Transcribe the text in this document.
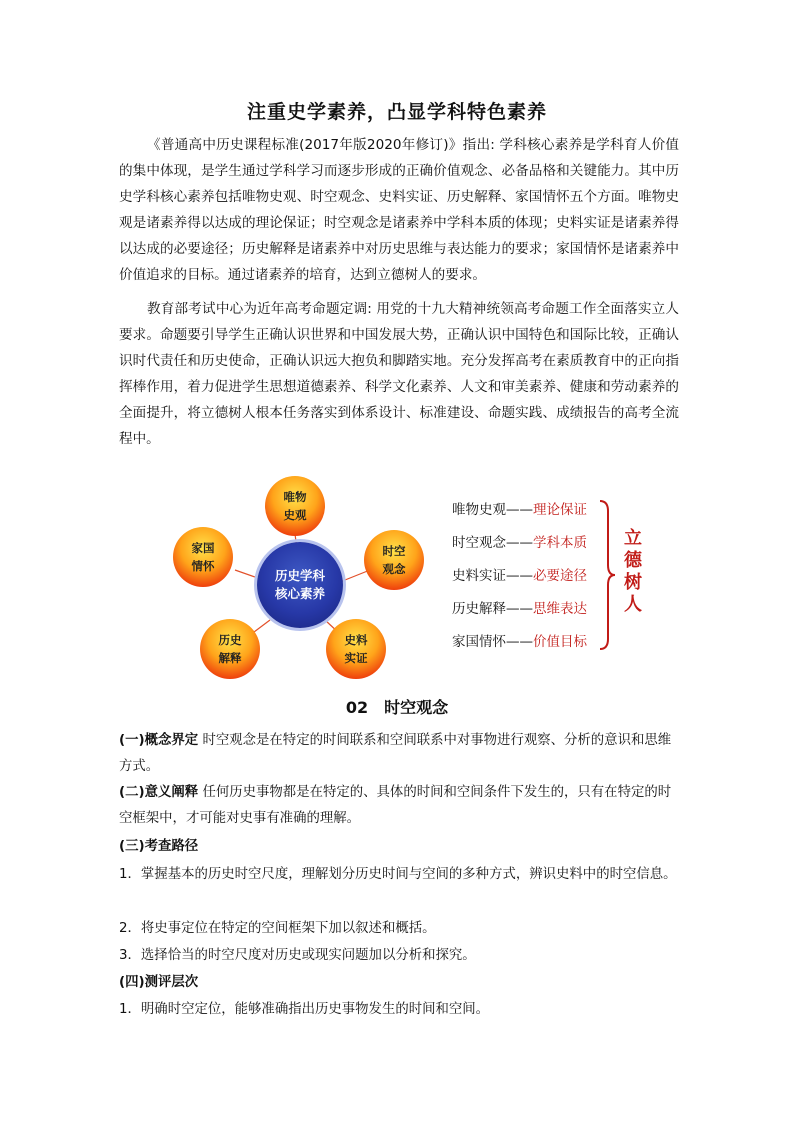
注重史学素养，凸显学科特色素养
《普通高中历史课程标准(2017年版2020年修订)》指出: 学科核心素养是学科育人价值的集中体现，是学生通过学科学习而逐步形成的正确价值观念、必备品格和关键能力。其中历史学科核心素养包括唯物史观、时空观念、史料实证、历史解释、家国情怀五个方面。唯物史观是诸素养得以达成的理论保证；时空观念是诸素养中学科本质的体现；史料实证是诸素养得以达成的必要途径；历史解释是诸素养中对历史思维与表达能力的要求；家国情怀是诸素养中价值追求的目标。通过诸素养的培育，达到立德树人的要求。
教育部考试中心为近年高考命题定调: 用党的十九大精神统领高考命题工作全面落实立人要求。命题要引导学生正确认识世界和中国发展大势，正确认识中国特色和国际比较，正确认识时代责任和历史使命，正确认识远大抱负和脚踏实地。充分发挥高考在素质教育中的正向指挥棒作用，着力促进学生思想道德素养、科学文化素养、人文和审美素养、健康和劳动素养的全面提升，将立德树人根本任务落实到体系设计、标准建设、命题实践、成绩报告的高考全流程中。
历史学科
核心素养
唯物
史观
时空
观念
史料
实证
历史
解释
家国
情怀
唯物史观——理论保证
时空观念——学科本质
史料实证——必要途径
历史解释——思维表达
家国情怀——价值目标
立
德
树
人
02　时空观念
(一)概念界定 时空观念是在特定的时间联系和空间联系中对事物进行观察、分析的意识和思维方式。
(二)意义阐释 任何历史事物都是在特定的、具体的时间和空间条件下发生的，只有在特定的时空框架中，才可能对史事有准确的理解。
(三)考查路径
1．掌握基本的历史时空尺度，理解划分历史时间与空间的多种方式，辨识史料中的时空信息。
2．将史事定位在特定的空间框架下加以叙述和概括。
3．选择恰当的时空尺度对历史或现实问题加以分析和探究。
(四)测评层次
1．明确时空定位，能够准确指出历史事物发生的时间和空间。
